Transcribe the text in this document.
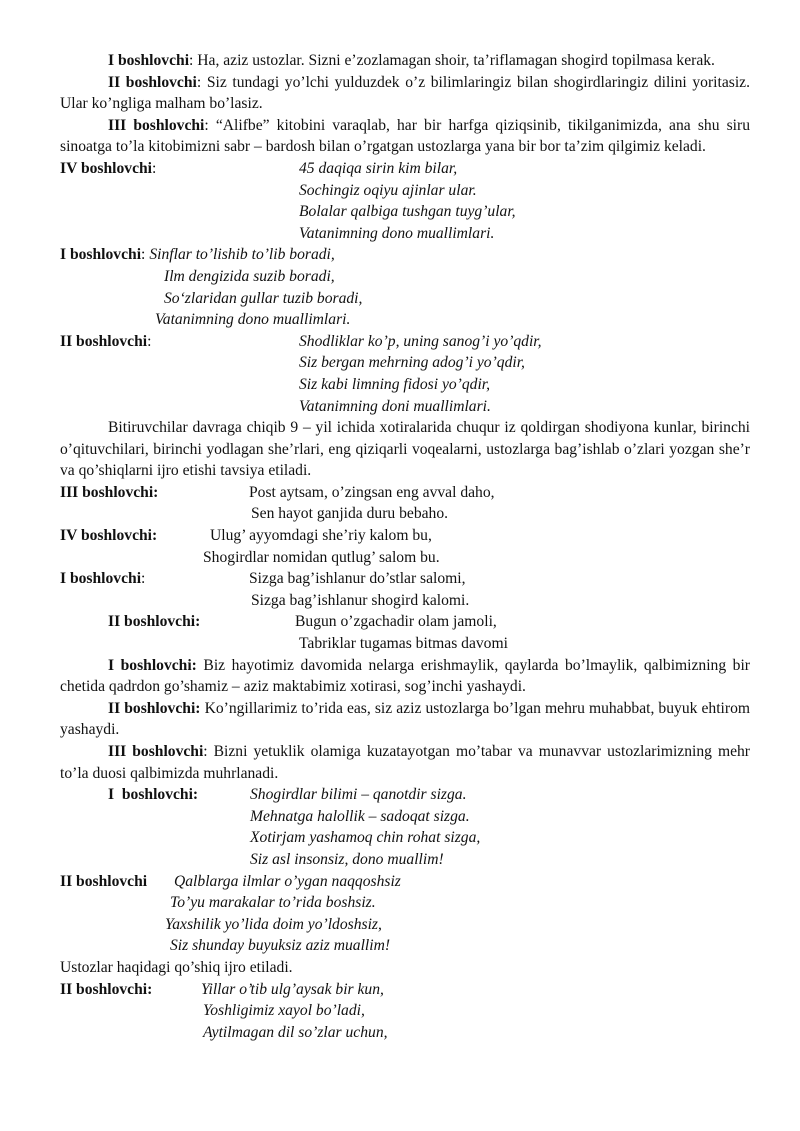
I boshlovchi: Ha, aziz ustozlar. Sizni e’zozlamagan shoir, ta’riflamagan shogird topilmasa kerak.

II boshlovchi: Siz tundagi yo’lchi yulduzdek o’z bilimlaringiz bilan shogirdlaringiz dilini yoritasiz. Ular ko’ngliga malham bo’lasiz.

III boshlovchi: “Alifbe” kitobini varaqlab, har bir harfga qiziqsinib, tikilganimizda, ana shu siru sinoatga to’la kitobimizni sabr – bardosh bilan o’rgatgan ustozlarga yana bir bor ta’zim qilgimiz keladi.

IV boshlovchi:	45 daqiqa sirin kim bilar,

Sochingiz oqiyu ajinlar ular.

Bolalar qalbiga tushgan tuyg’ular,

Vatanimning dono muallimlari.

I boshlovchi : Sinflar to’lishib to’lib boradi,

Ilm dengizida suzib boradi,

So‘zlaridan gullar tuzib boradi,

Vatanimning dono muallimlari.

II boshlovchi:	Shodliklar ko’p, uning sanog’i yo’qdir,

Siz bergan mehrning adog’i yo’qdir,

Siz kabi limning fidosi yo’qdir,

Vatanimning doni muallimlari.

Bitiruvchilar davraga chiqib 9 – yil ichida xotiralarida chuqur iz qoldirgan shodiyona kunlar, birinchi o’qituvchilari, birinchi yodlagan she’rlari, eng qiziqarli voqealarni, ustozlarga bag’ishlab o’zlari yozgan she’r va qo’shiqlarni ijro etishi tavsiya etiladi.

III boshlovchi:	Post aytsam, o’zingsan eng avval daho,

Sen hayot ganjida duru bebaho.

IV boshlovchi:	Ulug’ ayyomdagi she’riy kalom bu,

Shogirdlar nomidan qutlug’ salom bu.

I boshlovchi:	Sizga bag’ishlanur do’stlar salomi,

Sizga bag’ishlanur shogird kalomi.

II boshlovchi:	Bugun o’zgachadir olam jamoli,

Tabriklar tugamas bitmas davomi

I boshlovchi: Biz hayotimiz davomida nelarga erishmaylik, qaylarda bo’lmaylik, qalbimizning bir chetida qadrdon go’shamiz – aziz maktabimiz xotirasi, sog’inchi yashaydi.

II boshlovchi: Ko’ngillarimiz to’rida eas, siz aziz ustozlarga bo’lgan mehru muhabbat, buyuk ehtirom yashaydi.

III boshlovchi: Bizni yetuklik olamiga kuzatayotgan mo’tabar va munavvar ustozlarimizning mehr to’la duosi qalbimizda muhrlanadi.

I  boshlovchi:	Shogirdlar bilimi – qanotdir sizga.

Mehnatga halollik – sadoqat sizga.

Xotirjam yashamoq chin rohat sizga,

Siz asl insonsiz, dono muallim!

II boshlovchi	Qalblarga ilmlar o’ygan naqqoshsiz

To’yu marakalar to’rida boshsiz.

Yaxshilik yo’lida doim yo’ldoshsiz,

Siz shunday buyuksiz aziz muallim!

Ustozlar haqidagi qo’shiq ijro etiladi.

II boshlovchi:	Yillar o’tib ulg’aysak bir kun,

Yoshligimiz xayol bo’ladi,

Aytilmagan dil so’zlar uchun,
